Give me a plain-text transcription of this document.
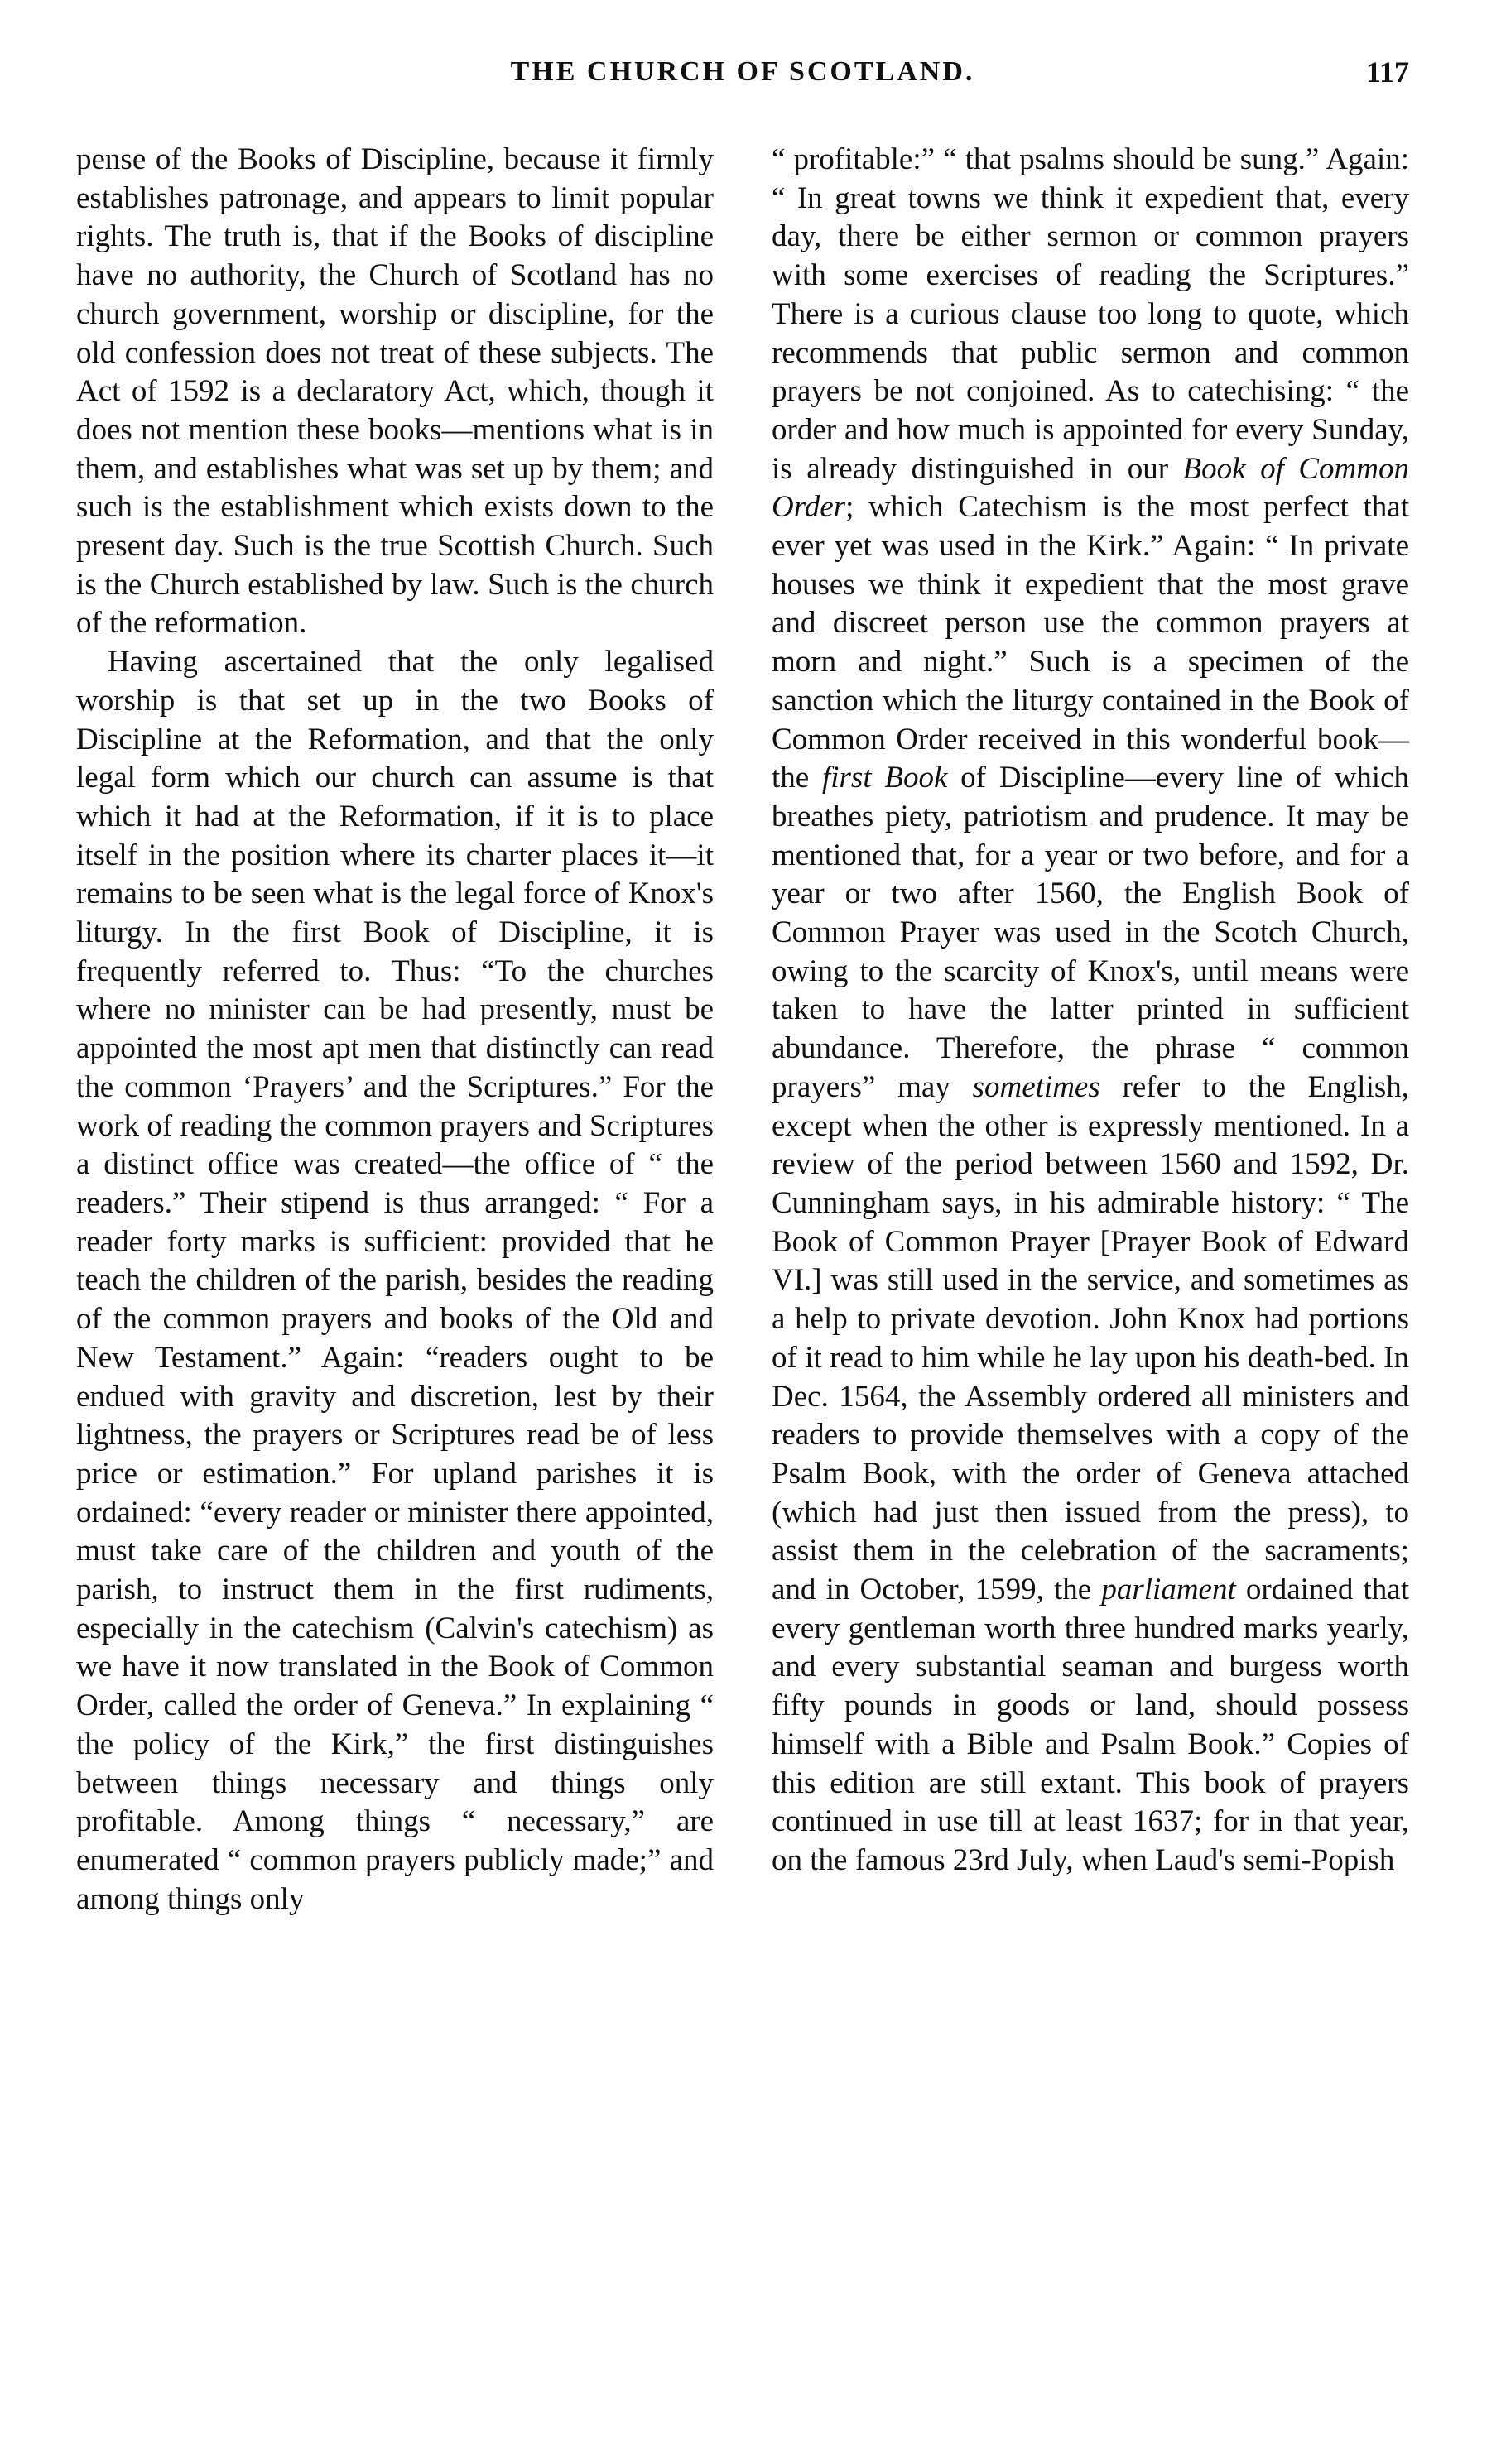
THE CHURCH OF SCOTLAND.	117

pense of the Books of Discipline, because it firmly establishes patronage, and appears to limit popular rights. The truth is, that if the Books of discipline have no authority, the Church of Scotland has no church government, worship or discipline, for the old confession does not treat of these subjects. The Act of 1592 is a declaratory Act, which, though it does not mention these books—mentions what is in them, and establishes what was set up by them; and such is the establishment which exists down to the present day. Such is the true Scottish Church. Such is the Church established by law. Such is the church of the reformation.

Having ascertained that the only legalised worship is that set up in the two Books of Discipline at the Reformation, and that the only legal form which our church can assume is that which it had at the Reformation, if it is to place itself in the position where its charter places it—it remains to be seen what is the legal force of Knox's liturgy. In the first Book of Discipline, it is frequently referred to. Thus: “To the churches where no minister can be had presently, must be appointed the most apt men that distinctly can read the common ‘Prayers’ and the Scriptures.” For the work of reading the common prayers and Scriptures a distinct office was created—the office of “ the readers.” Their stipend is thus arranged: “ For a reader forty marks is sufficient: provided that he teach the children of the parish, besides the reading of the common prayers and books of the Old and New Testament.” Again: “readers ought to be endued with gravity and discretion, lest by their lightness, the prayers or Scriptures read be of less price or estimation.” For upland parishes it is ordained: “every reader or minister there appointed, must take care of the children and youth of the parish, to instruct them in the first rudiments, especially in the catechism (Calvin's catechism) as we have it now translated in the Book of Common Order, called the order of Geneva.” In explaining “ the policy of the Kirk,” the first distinguishes between things necessary and things only profitable. Among things “ necessary,” are enumerated “ common prayers publicly made;” and among things only

“ profitable:” “ that psalms should be sung.” Again: “ In great towns we think it expedient that, every day, there be either sermon or common prayers with some exercises of reading the Scriptures.” There is a curious clause too long to quote, which recommends that public sermon and common prayers be not conjoined. As to catechising: “ the order and how much is appointed for every Sunday, is already distinguished in our Book of Common Order; which Catechism is the most perfect that ever yet was used in the Kirk.” Again: “ In private houses we think it expedient that the most grave and discreet person use the common prayers at morn and night.” Such is a specimen of the sanction which the liturgy contained in the Book of Common Order received in this wonderful book—the first Book of Discipline—every line of which breathes piety, patriotism and prudence. It may be mentioned that, for a year or two before, and for a year or two after 1560, the English Book of Common Prayer was used in the Scotch Church, owing to the scarcity of Knox's, until means were taken to have the latter printed in sufficient abundance. Therefore, the phrase “ common prayers” may sometimes refer to the English, except when the other is expressly mentioned. In a review of the period between 1560 and 1592, Dr. Cunningham says, in his admirable history: “ The Book of Common Prayer [Prayer Book of Edward VI.] was still used in the service, and sometimes as a help to private devotion. John Knox had portions of it read to him while he lay upon his death-bed. In Dec. 1564, the Assembly ordered all ministers and readers to provide themselves with a copy of the Psalm Book, with the order of Geneva attached (which had just then issued from the press), to assist them in the celebration of the sacraments; and in October, 1599, the parliament ordained that every gentleman worth three hundred marks yearly, and every substantial seaman and burgess worth fifty pounds in goods or land, should possess himself with a Bible and Psalm Book.” Copies of this edition are still extant. This book of prayers continued in use till at least 1637; for in that year, on the famous 23rd July, when Laud's semi-Popish
